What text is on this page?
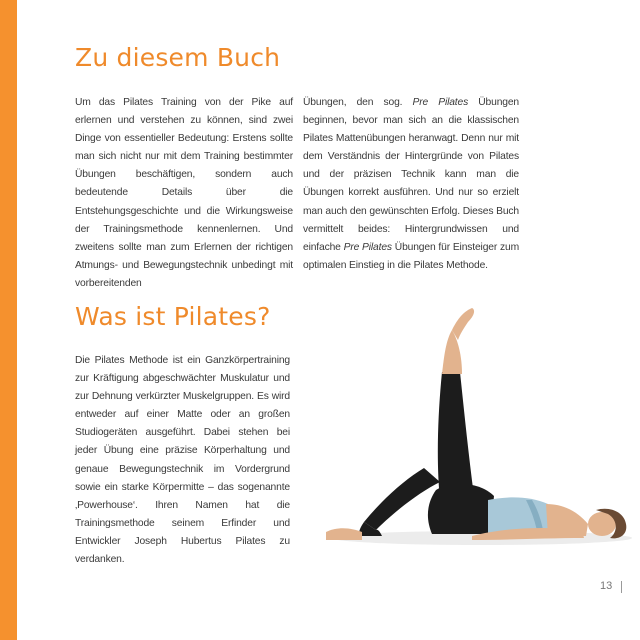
Zu diesem Buch

Um das Pilates Training von der Pike auf erlernen und verstehen zu können, sind zwei Dinge von essentieller Bedeutung: Erstens sollte man sich nicht nur mit dem Training bestimmter Übungen beschäftigen, sondern auch bedeutende Details über die Entstehungsgeschichte und die Wirkungsweise der Trainingsmethode kennenlernen. Und zweitens sollte man zum Erlernen der richtigen Atmungs- und Bewegungstechnik unbedingt mit vorbereitenden

Übungen, den sog. Pre Pilates Übungen beginnen, bevor man sich an die klassischen Pilates Mattenübungen heranwagt. Denn nur mit dem Verständnis der Hintergründe von Pilates und der präzisen Technik kann man die Übungen korrekt ausführen. Und nur so erzielt man auch den gewünschten Erfolg. Dieses Buch vermittelt beides: Hintergrundwissen und einfache Pre Pilates Übungen für Einsteiger zum optimalen Einstieg in die Pilates Methode.

Was ist Pilates?

Die Pilates Methode ist ein Ganzkörpertraining zur Kräftigung abgeschwächter Muskulatur und zur Dehnung verkürzter Muskelgruppen. Es wird entweder auf einer Matte oder an großen Studiogeräten ausgeführt. Dabei stehen bei jeder Übung eine präzise Körperhaltung und genaue Bewegungstechnik im Vordergrund sowie ein starke Körpermitte – das sogenannte ‚Powerhouse‘. Ihren Namen hat die Trainingsmethode seinem Erfinder und Entwickler Joseph Hubertus Pilates zu verdanken.

13
